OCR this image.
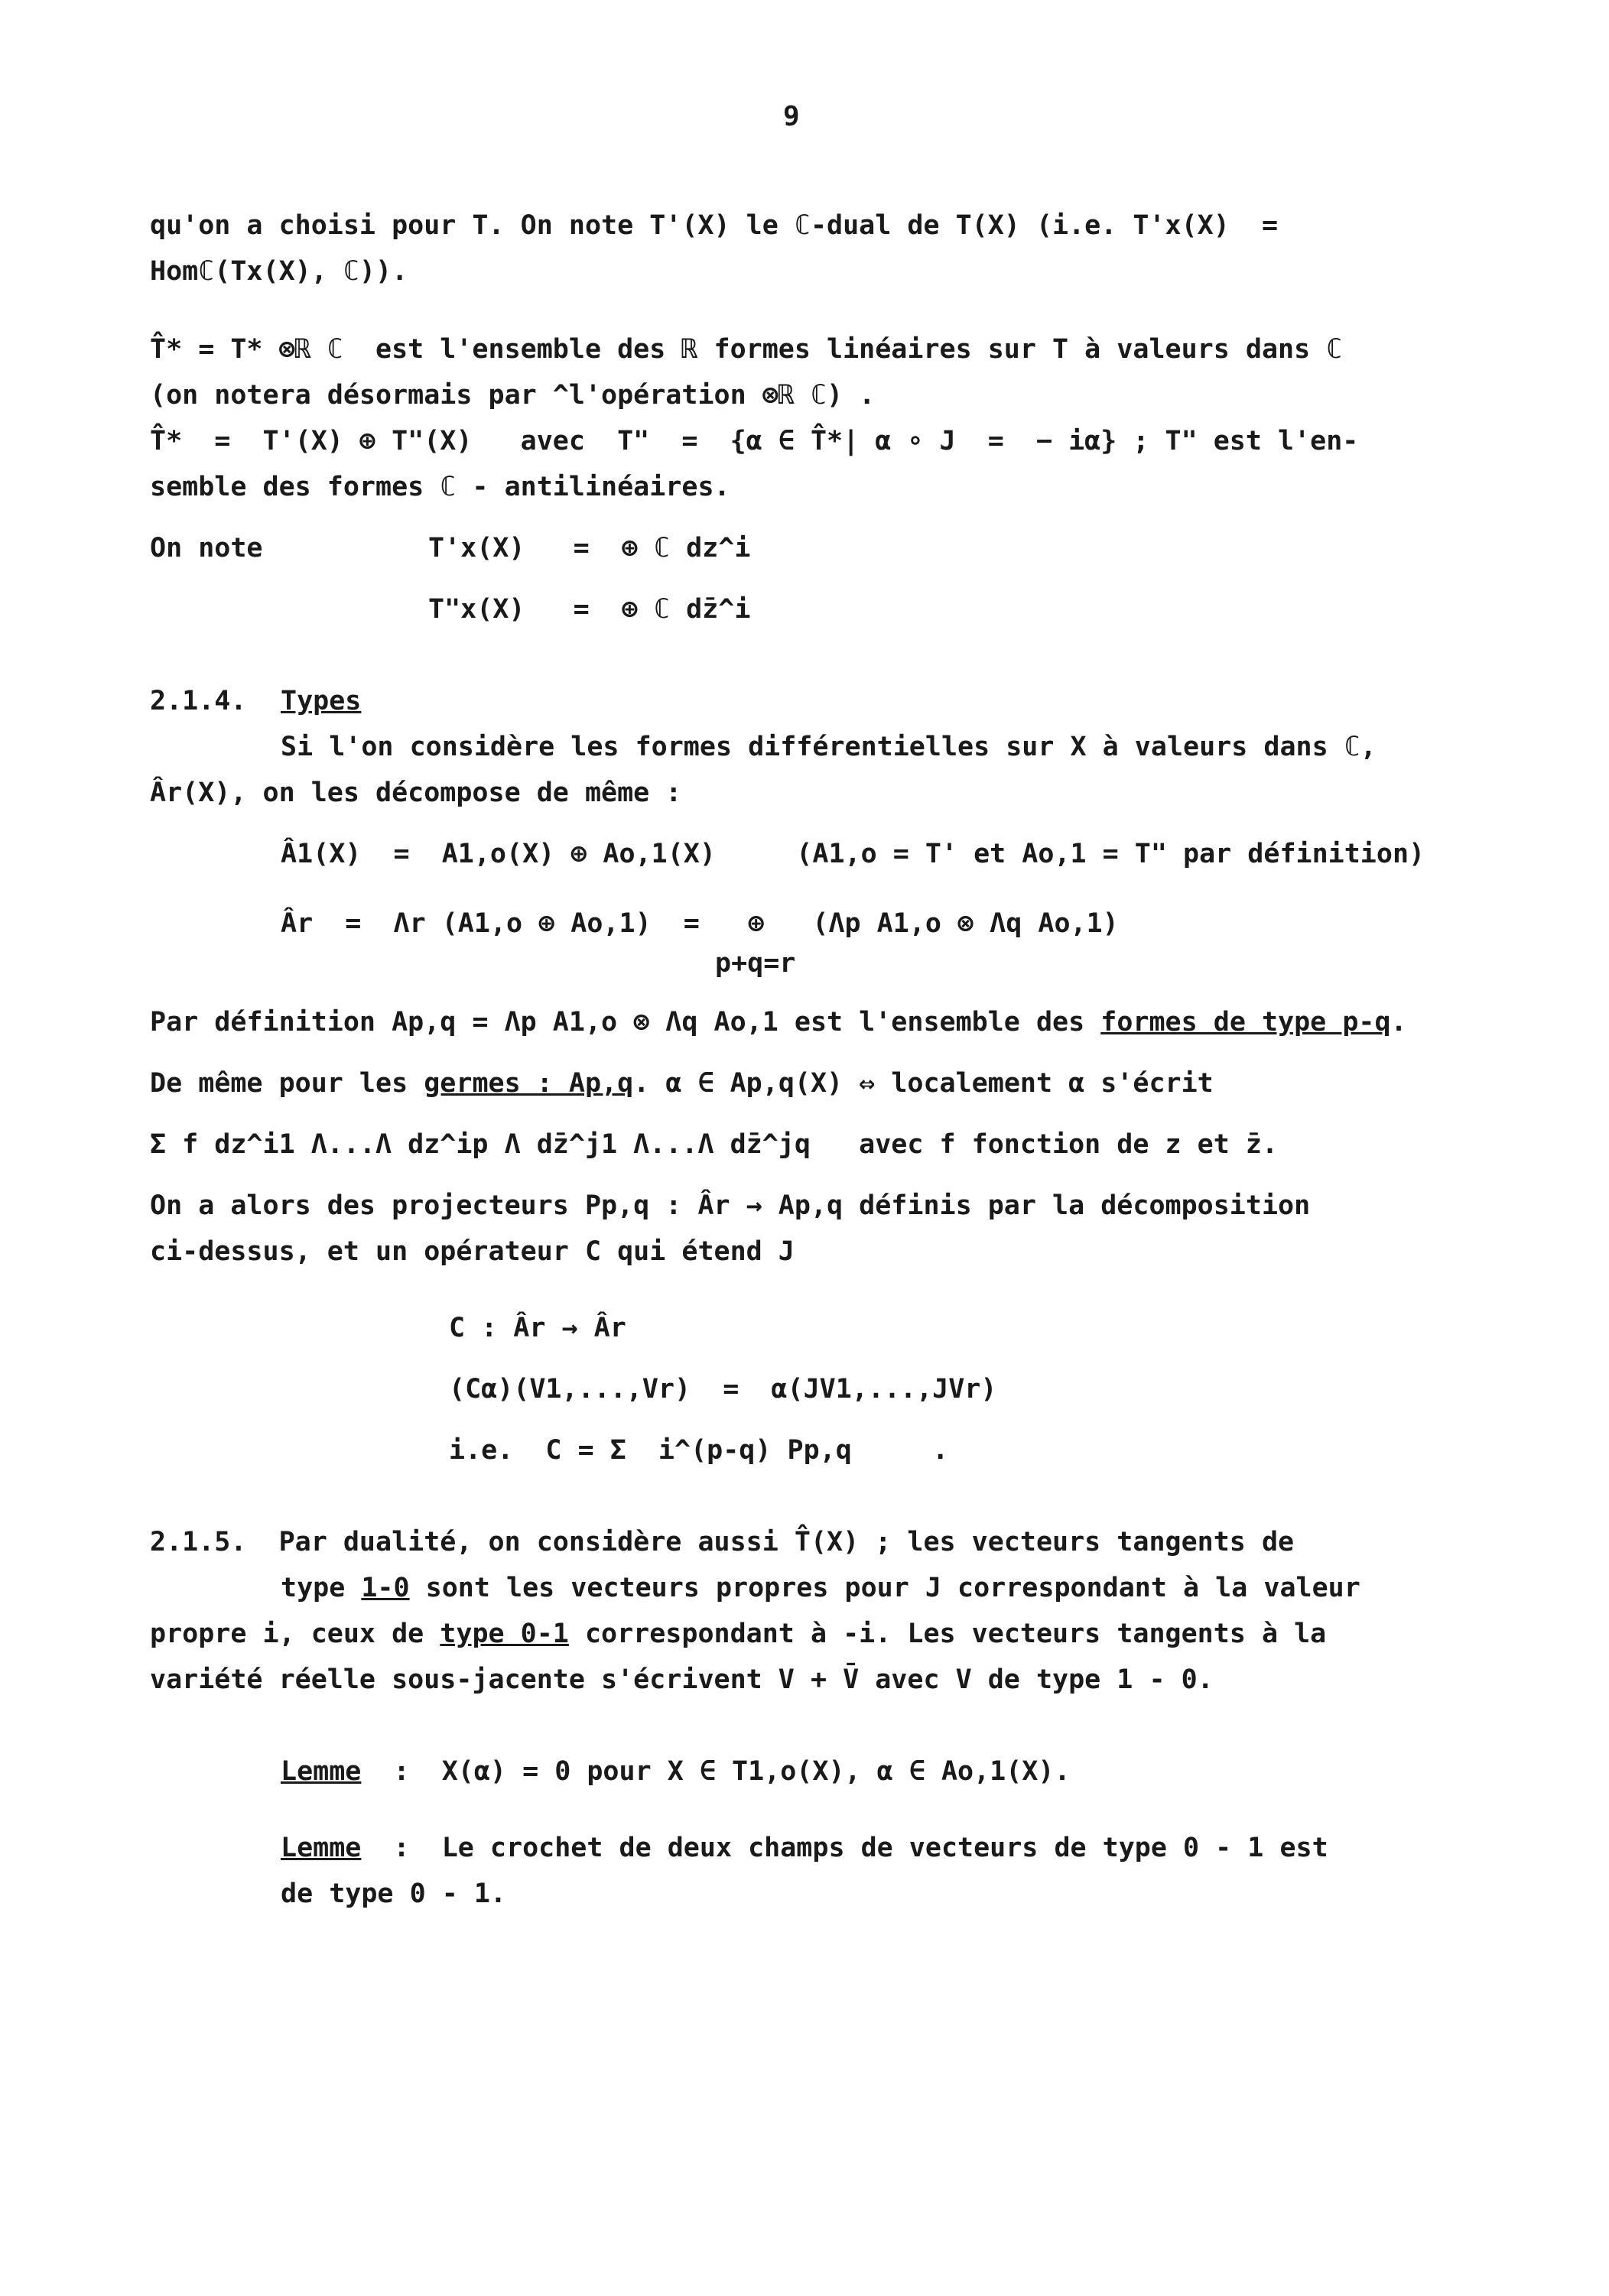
9
qu'on a choisi pour T. On note T'(X) le ℂ-dual de T(X) (i.e. T'x(X)  =
Homℂ(Tx(X), ℂ)).
T̂* = T* ⊗ℝ ℂ  est l'ensemble des ℝ formes linéaires sur T à valeurs dans ℂ
(on notera désormais par ^l'opération ⊗ℝ ℂ) .
T̂*  =  T'(X) ⊕ T"(X)   avec  T"  =  {α ∈ T̂*| α ∘ J  =  − iα} ; T" est l'en-
semble des formes ℂ - antilinéaires.
On note	T'x(X)   =  ⊕ ℂ dz^i
T"x(X)   =  ⊕ ℂ dz̄^i
2.1.4. Types
Si l'on considère les formes différentielles sur X à valeurs dans ℂ,
Âr(X), on les décompose de même :
Â1(X)  =  A1,o(X) ⊕ Ao,1(X)     (A1,o = T' et Ao,1 = T" par définition)
Âr  =  Λr (A1,o ⊕ Ao,1)  =   ⊕   (Λp A1,o ⊗ Λq Ao,1)
p+q=r
Par définition Ap,q = Λp A1,o ⊗ Λq Ao,1 est l'ensemble des formes de type p-q.
De même pour les germes : Ap,q. α ∈ Ap,q(X) ⇔ localement α s'écrit
Σ f dz^i1 Λ...Λ dz^ip Λ dz̄^j1 Λ...Λ dz̄^jq   avec f fonction de z et z̄.
On a alors des projecteurs Pp,q : Âr → Ap,q définis par la décomposition
ci-dessus, et un opérateur C qui étend J
C : Âr → Âr
(Cα)(V1,...,Vr)  =  α(JV1,...,JVr)
i.e.  C = Σ  i^(p-q) Pp,q     .
2.1.5.  Par dualité, on considère aussi T̂(X) ; les vecteurs tangents de
type 1-0 sont les vecteurs propres pour J correspondant à la valeur
propre i, ceux de type 0-1 correspondant à -i. Les vecteurs tangents à la
variété réelle sous-jacente s'écrivent V + V̄ avec V de type 1 - 0.
Lemme  :  X(α) = 0 pour X ∈ T1,o(X), α ∈ Ao,1(X).
Lemme  :  Le crochet de deux champs de vecteurs de type 0 - 1 est
de type 0 - 1.
